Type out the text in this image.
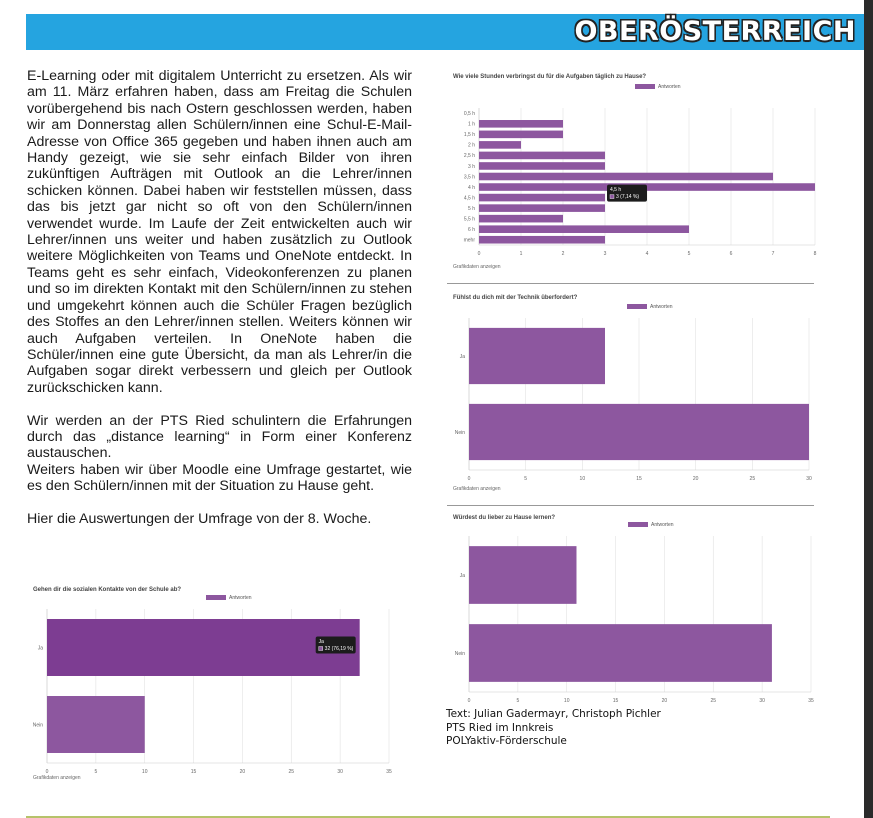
OBERÖSTERREICH

E-Learning oder mit digitalem Unterricht zu ersetzen. Als wir am 11. März erfahren haben, dass am Freitag die Schulen vorübergehend bis nach Ostern geschlossen werden, haben wir am Donnerstag allen Schülern/innen eine Schul-E-Mail-Adresse von Office 365 gegeben und haben ihnen auch am Handy gezeigt, wie sie sehr einfach Bilder von ihren zukünftigen Aufträgen mit Outlook an die Lehrer/innen schicken können. Dabei haben wir feststellen müssen, dass das bis jetzt gar nicht so oft von den Schülern/innen verwendet wurde. Im Laufe der Zeit entwickelten auch wir Lehrer/innen uns weiter und haben zusätzlich zu Outlook weitere Möglichkeiten von Teams und OneNote entdeckt. In Teams geht es sehr einfach, Videokonferenzen zu planen und so im direkten Kontakt mit den Schülern/innen zu stehen und umgekehrt können auch die Schüler Fragen bezüglich des Stoffes an den Lehrer/innen stellen. Weiters können wir auch Aufgaben verteilen. In OneNote haben die Schüler/innen eine gute Übersicht, da man als Lehrer/in die Aufgaben sogar direkt verbessern und gleich per Outlook zurückschicken kann.

Wir werden an der PTS Ried schulintern die Erfahrungen durch das „distance learning“ in Form einer Konferenz austauschen.

Weiters haben wir über Moodle eine Umfrage gestartet, wie es den Schülern/innen mit der Situation zu Hause geht.

Hier die Auswertungen der Umfrage von der 8. Woche.

Wie viele Stunden verbringst du für die Aufgaben täglich zu Hause?
Antworten
0	1	2	3	4	5	6	7	8
0,5 h
1 h
1,5 h
2 h
2,5 h
3 h
3,5 h
4 h
4,5 h
5 h
5,5 h
6 h
mehr
4,5 h
3 (7,14 %)
Grafikdaten anzeigen
Fühlst du dich mit der Technik überfordert?
Antworten
0	5	10	15	20	25	30
Ja
Nein
Grafikdaten anzeigen
Würdest du lieber zu Hause lernen?
Antworten
0	5	10	15	20	25	30	35
Ja
Nein
Gehen dir die sozialen Kontakte von der Schule ab?
Antworten
0	5	10	15	20	25	30	35
Ja
Nein
Ja
32 (76,19 %)
Grafikdaten anzeigen
Text: Julian Gadermayr, Christoph Pichler
PTS Ried im Innkreis
POLYaktiv-Förderschule
